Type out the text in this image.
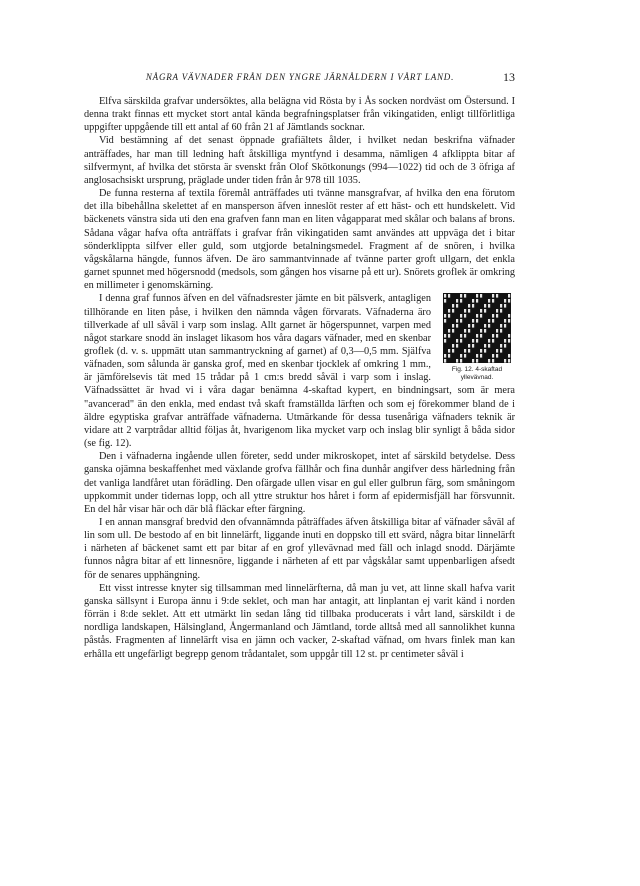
NÅGRA VÄVNADER FRÅN DEN YNGRE JÄRNÅLDERN I VÅRT LAND.	13

Elfva särskilda grafvar undersöktes, alla belägna vid Rösta by i Ås socken nordväst om Östersund. I denna trakt finnas ett mycket stort antal kända begrafningsplatser från vikingatiden, enligt tillförlitliga uppgifter uppgående till ett antal af 60 från 21 af Jämtlands socknar.

Vid bestämning af det senast öppnade grafiältets ålder, i hvilket nedan beskrifna väfnader anträffades, har man till ledning haft åtskilliga myntfynd i desamma, nämligen 4 afklippta bitar af silfvermynt, af hvilka det största är svenskt från Olof Skötkonungs (994—1022) tid och de 3 öfriga af anglosachsiskt ursprung, präglade under tiden från år 978 till 1035.

De funna resterna af textila föremål anträffades uti tvänne mansgrafvar, af hvilka den ena förutom det illa bibehållna skelettet af en mansperson äfven inneslöt rester af ett häst- och ett hundskelett. Vid bäckenets vänstra sida uti den ena grafven fann man en liten vågapparat med skålar och balans af brons. Sådana vågar hafva ofta anträffats i grafvar från vikingatiden samt användes att uppväga det i bitar sönderklippta silfver eller guld, som utgjorde betalningsmedel. Fragment af de snören, i hvilka vågskålarna hängde, funnos äfven. De äro sammantvinnade af tvänne parter groft ullgarn, det enkla garnet spunnet med högersnodd (medsols, som gången hos visarne på ett ur). Snörets groflek är omkring en millimeter i genomskärning.

Fig. 12. 4-skaftad yllevävnad.

I denna graf funnos äfven en del väfnadsrester jämte en bit pälsverk, antagligen tillhörande en liten påse, i hvilken den nämnda vågen förvarats. Väfnaderna äro tillverkade af ull såväl i varp som inslag. Allt garnet är högerspunnet, varpen med något starkare snodd än inslaget likasom hos våra dagars väfnader, med en skenbar groflek (d. v. s. uppmätt utan sammantryckning af garnet) af 0,3—0,5 mm. Själfva väfnaden, som sålunda är ganska grof, med en skenbar tjocklek af omkring 1 mm., är jämförelsevis tät med 15 trådar på 1 cm:s bredd såväl i varp som i inslag. Väfnadssättet är hvad vi i våra dagar benämna 4-skaftad kypert, en bindningsart, som är mera "avancerad" än den enkla, med endast två skaft framställda lärften och som ej förekommer bland de i äldre egyptiska grafvar anträffade väfnaderna. Utmärkande för dessa tusenåriga väfnaders teknik är vidare att 2 varptrådar alltid följas åt, hvarigenom lika mycket varp och inslag blir synligt å båda sidor (se fig. 12).

Den i väfnaderna ingående ullen företer, sedd under mikroskopet, intet af särskild betydelse. Dess ganska ojämna beskaffenhet med växlande grofva fällhår och fina dunhår angifver dess härledning från det vanliga landfåret utan förädling. Den ofärgade ullen visar en gul eller gulbrun färg, som småningom uppkommit under tidernas lopp, och all yttre struktur hos håret i form af epidermisfjäll har försvunnit. En del hår visar här och där blå fläckar efter färgning.

I en annan mansgraf bredvid den ofvannämnda påträffades äfven åtskilliga bitar af väfnader såväl af lin som ull. De bestodo af en bit linnelärft, liggande inuti en doppsko till ett svärd, några bitar linnelärft i närheten af bäckenet samt ett par bitar af en grof yllevävnad med fäll och inlagd snodd. Därjämte funnos några bitar af ett linnesnöre, liggande i närheten af ett par vågskålar samt uppenbarligen afsedt för de senares upphängning.

Ett visst intresse knyter sig tillsamman med linnelärfterna, då man ju vet, att linne skall hafva varit ganska sällsynt i Europa ännu i 9:de seklet, och man har antagit, att linplantan ej varit känd i norden förrän i 8:de seklet. Att ett utmärkt lin sedan lång tid tillbaka producerats i vårt land, särskildt i de nordliga landskapen, Hälsingland, Ångermanland och Jämtland, torde alltså med all sannolikhet kunna påstås. Fragmenten af linnelärft visa en jämn och vacker, 2-skaftad väfnad, om hvars finlek man kan erhålla ett ungefärligt begrepp genom trådantalet, som uppgår till 12 st. pr centimeter såväl i
